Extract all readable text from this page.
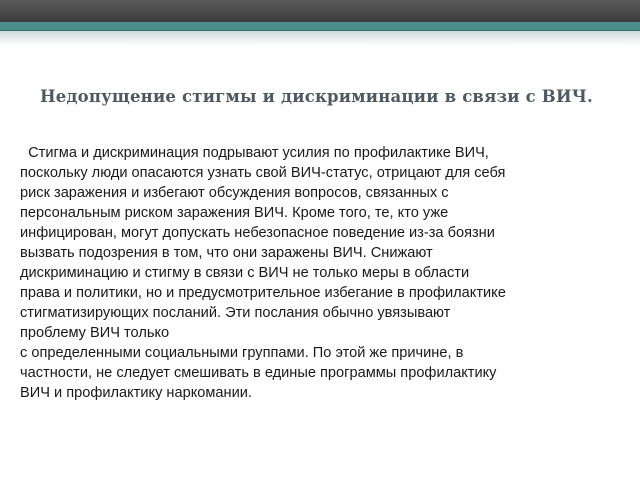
Недопущение стигмы и дискриминации в связи с ВИЧ.
Стигма и дискриминация подрывают усилия по профилактике ВИЧ,
поскольку люди опасаются узнать свой ВИЧ-статус, отрицают для себя
риск заражения и избегают обсуждения вопросов, связанных с
персональным риском заражения ВИЧ. Кроме того, те, кто уже
инфицирован, могут допускать небезопасное поведение из-за боязни
вызвать подозрения в том, что они заражены ВИЧ. Снижают
дискриминацию и стигму в связи с ВИЧ не только меры в области
права и политики, но и предусмотрительное избегание в профилактике
стигматизирующих посланий. Эти послания обычно увязывают
проблему ВИЧ только
с определенными социальными группами. По этой же причине, в
частности, не следует смешивать в единые программы профилактику
ВИЧ и профилактику наркомании.
